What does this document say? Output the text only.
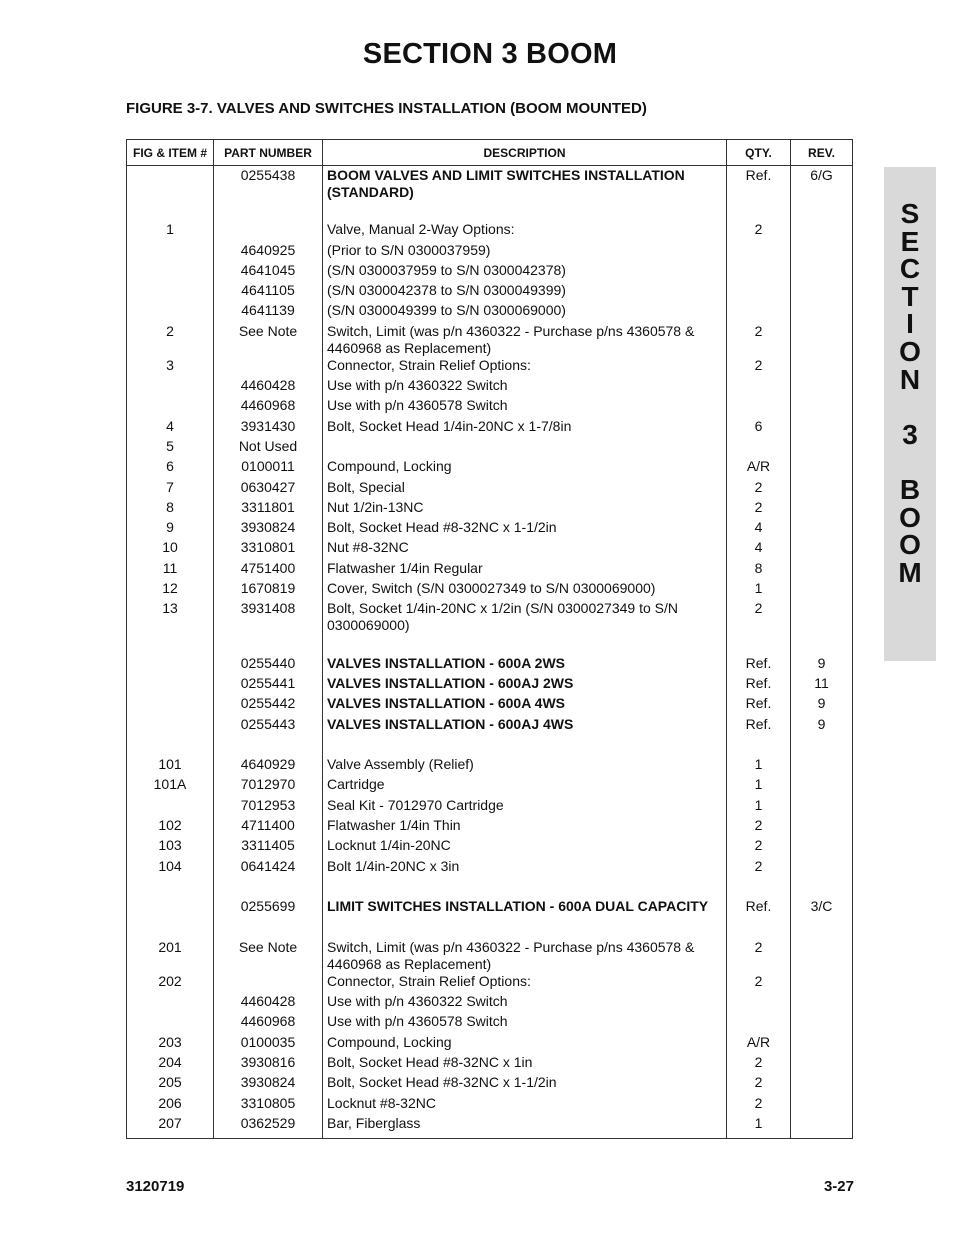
SECTION 3 BOOM
FIGURE 3-7. VALVES AND SWITCHES INSTALLATION (BOOM MOUNTED)
FIG & ITEM #	PART NUMBER	DESCRIPTION	QTY.	REV.
	0255438	BOOM VALVES AND LIMIT SWITCHES INSTALLATION (STANDARD)	Ref.	6/G

1		Valve, Manual 2-Way Options:	2	
	4640925	(Prior to S/N 0300037959)		
	4641045	(S/N 0300037959 to S/N 0300042378)		
	4641105	(S/N 0300042378 to S/N 0300049399)		
	4641139	(S/N 0300049399 to S/N 0300069000)		
2	See Note	Switch, Limit (was p/n 4360322 - Purchase p/ns 4360578 & 4460968 as Replacement)	2	
3		Connector, Strain Relief Options:	2	
	4460428	Use with p/n 4360322 Switch		
	4460968	Use with p/n 4360578 Switch		
4	3931430	Bolt, Socket Head 1/4in-20NC x 1-7/8in	6	
5	Not Used			
6	0100011	Compound, Locking	A/R	
7	0630427	Bolt, Special	2	
8	3311801	Nut 1/2in-13NC	2	
9	3930824	Bolt, Socket Head #8-32NC x 1-1/2in	4	
10	3310801	Nut #8-32NC	4	
11	4751400	Flatwasher 1/4in Regular	8	
12	1670819	Cover, Switch (S/N 0300027349 to S/N 0300069000)	1	
13	3931408	Bolt, Socket 1/4in-20NC x 1/2in (S/N 0300027349 to S/N 0300069000)	2	

	0255440	VALVES INSTALLATION - 600A 2WS	Ref.	9
	0255441	VALVES INSTALLATION - 600AJ 2WS	Ref.	11
	0255442	VALVES INSTALLATION - 600A 4WS	Ref.	9
	0255443	VALVES INSTALLATION - 600AJ 4WS	Ref.	9

101	4640929	Valve Assembly (Relief)	1	
101A	7012970	Cartridge	1	
	7012953	Seal Kit - 7012970 Cartridge	1	
102	4711400	Flatwasher 1/4in Thin	2	
103	3311405	Locknut 1/4in-20NC	2	
104	0641424	Bolt 1/4in-20NC x 3in	2	

	0255699	LIMIT SWITCHES INSTALLATION - 600A DUAL CAPACITY	Ref.	3/C

201	See Note	Switch, Limit (was p/n 4360322 - Purchase p/ns 4360578 & 4460968 as Replacement)	2	
202		Connector, Strain Relief Options:	2	
	4460428	Use with p/n 4360322 Switch		
	4460968	Use with p/n 4360578 Switch		
203	0100035	Compound, Locking	A/R	
204	3930816	Bolt, Socket Head #8-32NC x 1in	2	
205	3930824	Bolt, Socket Head #8-32NC x 1-1/2in	2	
206	3310805	Locknut #8-32NC	2	
207	0362529	Bar, Fiberglass	1	
S
E
C
T
I
O
N
3
B
O
O
M
3120719	3-27
